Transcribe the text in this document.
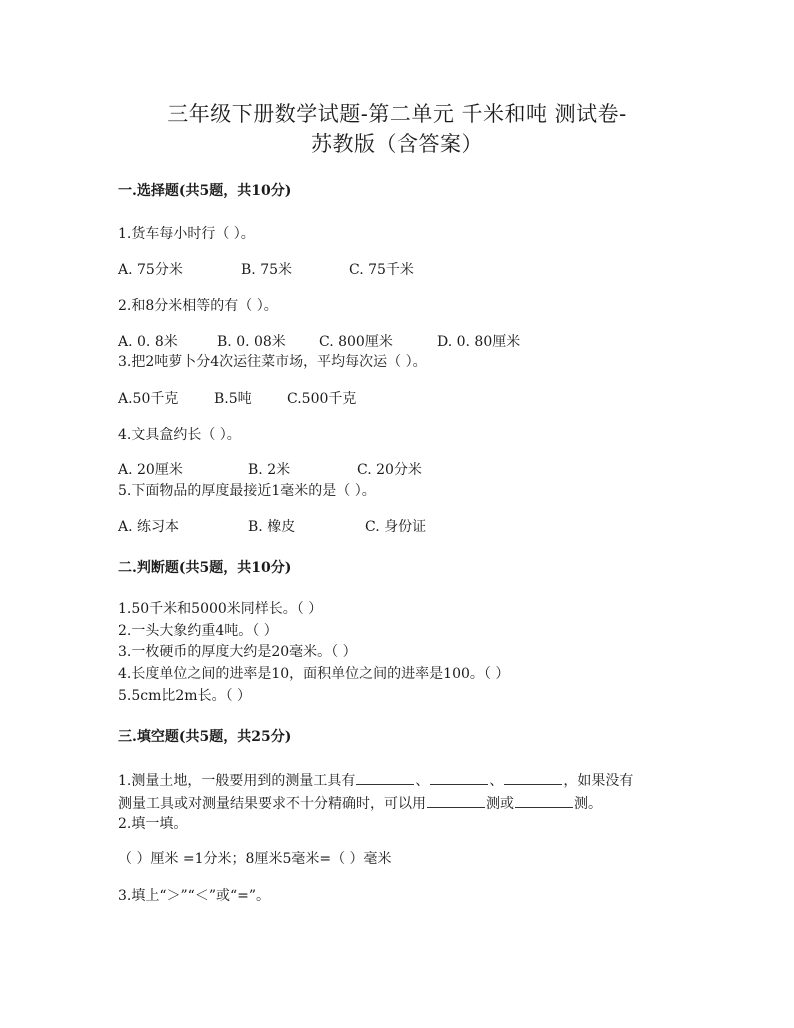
三年级下册数学试题-第二单元 千米和吨 测试卷-
苏教版（含答案）
一.选择题(共5题，共10分)
1.货车每小时行（ ）。
A. 75分米	B. 75米	C. 75千米
2.和8分米相等的有（ ）。
A. 0. 8米	B. 0. 08米 C. 800厘米	D. 0. 80厘米
3.把2吨萝卜分4次运往菜市场，平均每次运（ ）。
A.50千克	B.5吨	C.500千克
4.文具盒约长（ ）。
A. 20厘米	B. 2米	C. 20分米
5.下面物品的厚度最接近1毫米的是（ ）。
A. 练习本	B. 橡皮	C. 身份证
二.判断题(共5题，共10分)
1.50千米和5000米同样长。（ ）
2.一头大象约重4吨。（ ）
3.一枚硬币的厚度大约是20毫米。（ ）
4.长度单位之间的进率是10，面积单位之间的进率是100。（ ）
5.5cm比2m长。（ ）
三.填空题(共5题，共25分)
1.测量土地，一般要用到的测量工具有	、	、	，如果没有
测量工具或对测量结果要求不十分精确时，可以用	测或	测。
2.填一填。
（ ）厘米 =1分米；8厘米5毫米=（ ）毫米
3.填上“＞”“＜”或“=”。
